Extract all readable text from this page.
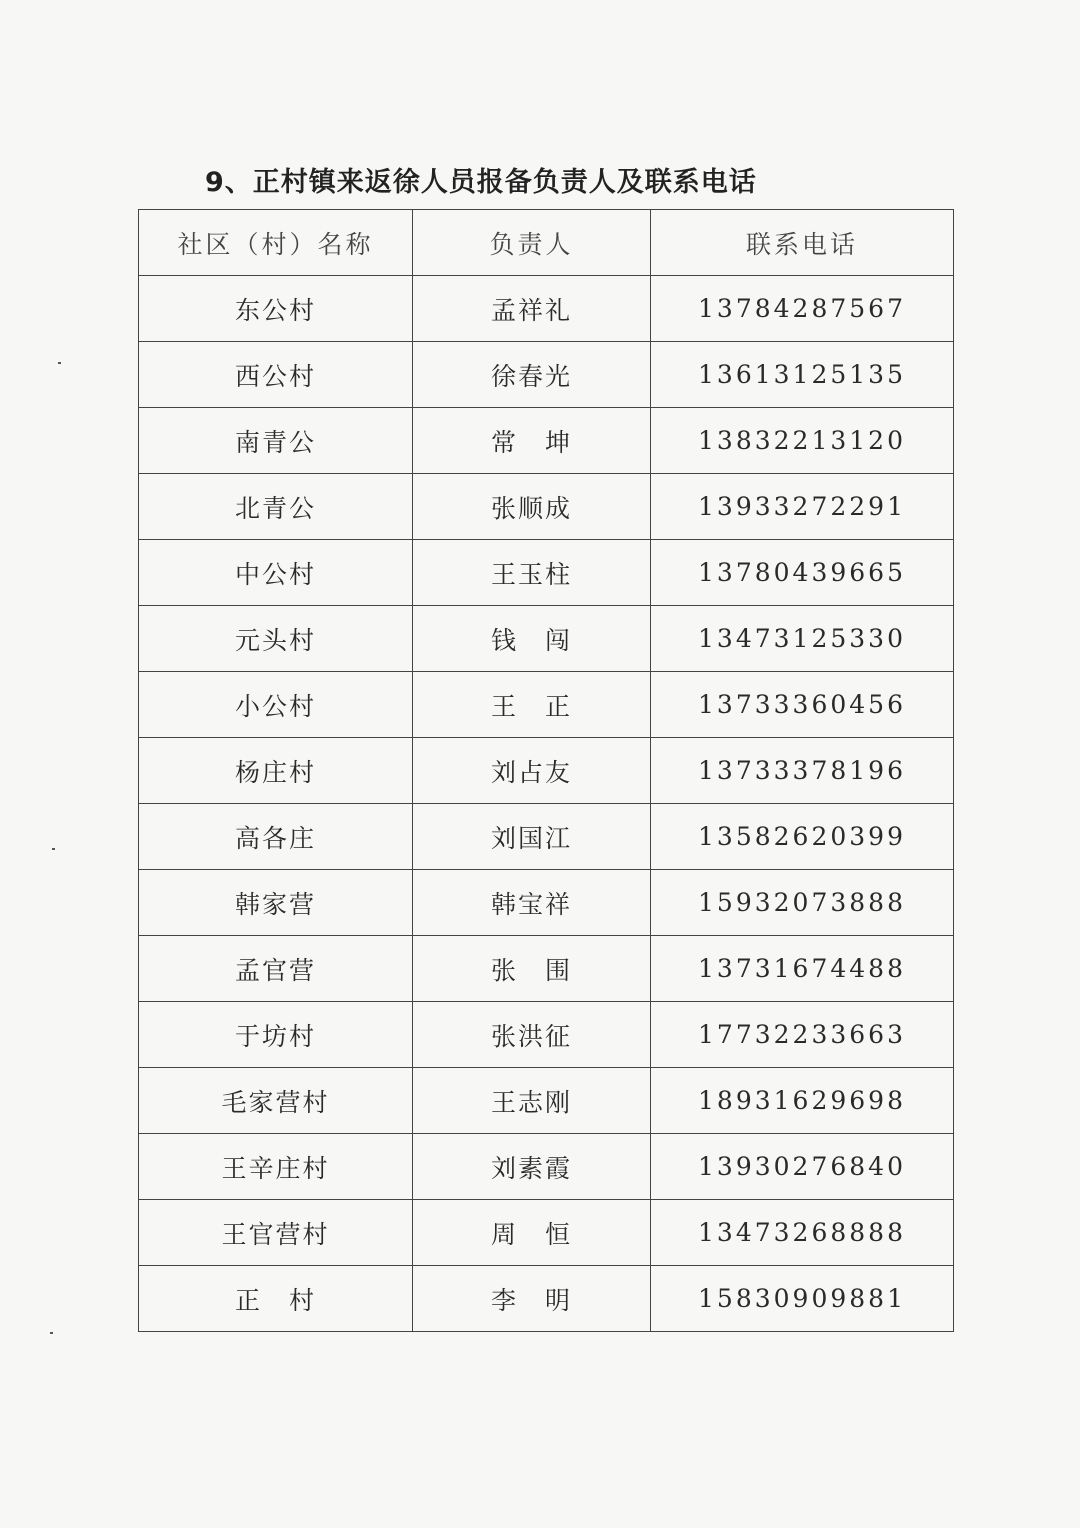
9、正村镇来返徐人员报备负责人及联系电话
社区（村）名称	负责人	联系电话
东公村	孟祥礼	13784287567
西公村	徐春光	13613125135
南青公	常　坤	13832213120
北青公	张顺成	13933272291
中公村	王玉柱	13780439665
元头村	钱　闯	13473125330
小公村	王　正	13733360456
杨庄村	刘占友	13733378196
高各庄	刘国江	13582620399
韩家营	韩宝祥	15932073888
孟官营	张　围	13731674488
于坊村	张洪征	17732233663
毛家营村	王志刚	18931629698
王辛庄村	刘素霞	13930276840
王官营村	周　恒	13473268888
正　村	李　明	15830909881
